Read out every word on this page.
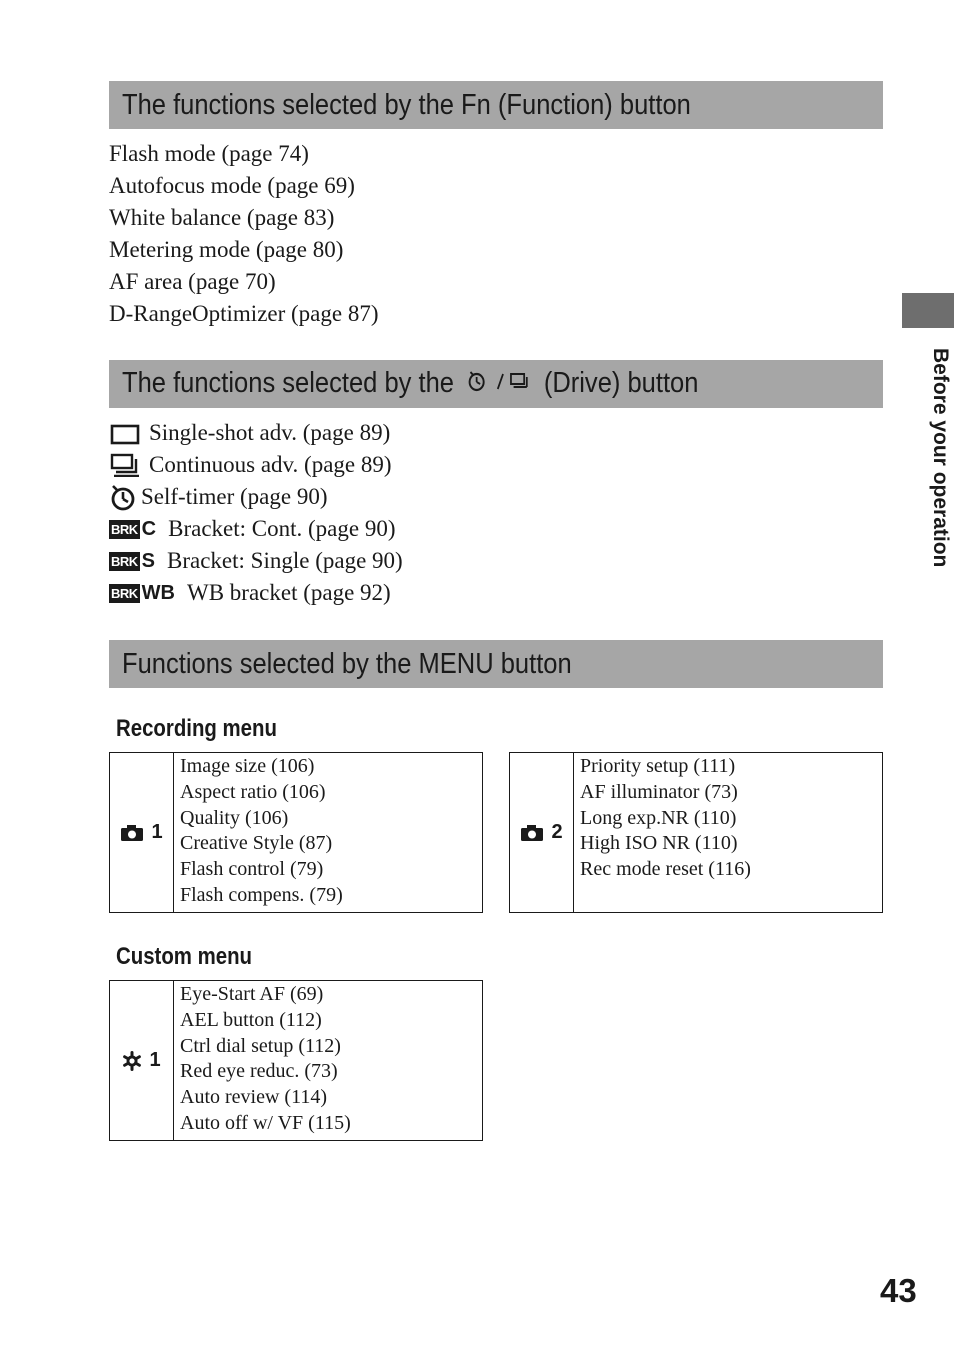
The functions selected by the Fn (Function) button
Flash mode (page 74)
Autofocus mode (page 69)
White balance (page 83)
Metering mode (page 80)
AF area (page 70)
D-RangeOptimizer (page 87)
The functions selected by the	(Drive) button
Single-shot adv. (page 89)
Continuous adv. (page 89)
Self-timer (page 90)
BRK C Bracket: Cont. (page 90)
BRK S Bracket: Single (page 90)
BRK WB WB bracket (page 92)
Functions selected by the MENU button
Recording menu
1
Image size (106)
Aspect ratio (106)
Quality (106)
Creative Style (87)
Flash control (79)
Flash compens. (79)
2
Priority setup (111)
AF illuminator (73)
Long exp.NR (110)
High ISO NR (110)
Rec mode reset (116)
Custom menu
1
Eye-Start AF (69)
AEL button (112)
Ctrl dial setup (112)
Red eye reduc. (73)
Auto review (114)
Auto off w/ VF (115)
Before your operation
43
